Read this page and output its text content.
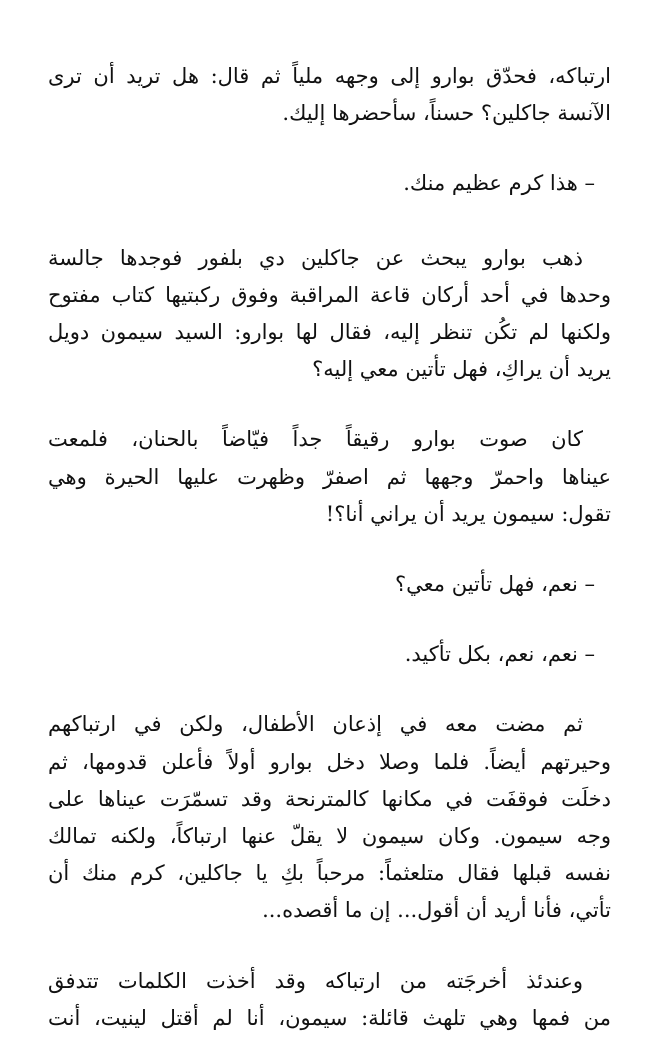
ارتباكه، فحدّق بوارو إلى وجهه ملياً ثم قال: هل تريد أن ترى
الآنسة جاكلين؟ حسناً، سأحضرها إليك.

– هذا كرم عظيم منك.

ذهب بوارو يبحث عن جاكلين دي بلفور فوجدها جالسة
وحدها في أحد أركان قاعة المراقبة وفوق ركبتيها كتاب مفتوح
ولكنها لم تكُن تنظر إليه، فقال لها بوارو: السيد سيمون دويل
يريد أن يراكِ، فهل تأتين معي إليه؟

كان صوت بوارو رقيقاً جداً فيّاضاً بالحنان، فلمعت
عيناها واحمرّ وجهها ثم اصفرّ وظهرت عليها الحيرة وهي
تقول: سيمون يريد أن يراني أنا؟!

– نعم، فهل تأتين معي؟

– نعم، نعم، بكل تأكيد.

ثم مضت معه في إذعان الأطفال، ولكن في ارتباكهم
وحيرتهم أيضاً. فلما وصلا دخل بوارو أولاً فأعلن قدومها، ثم
دخلَت فوقفَت في مكانها كالمترنحة وقد تسمّرَت عيناها على
وجه سيمون. وكان سيمون لا يقلّ عنها ارتباكاً، ولكنه تمالك
نفسه قبلها فقال متلعثماً: مرحباً بكِ يا جاكلين، كرم منك أن
تأتي، فأنا أريد أن أقول... إن ما أقصده...

وعندئذ أخرجَته من ارتباكه وقد أخذت الكلمات تتدفق
من فمها وهي تلهث قائلة: سيمون، أنا لم أقتل لينيت، أنت
